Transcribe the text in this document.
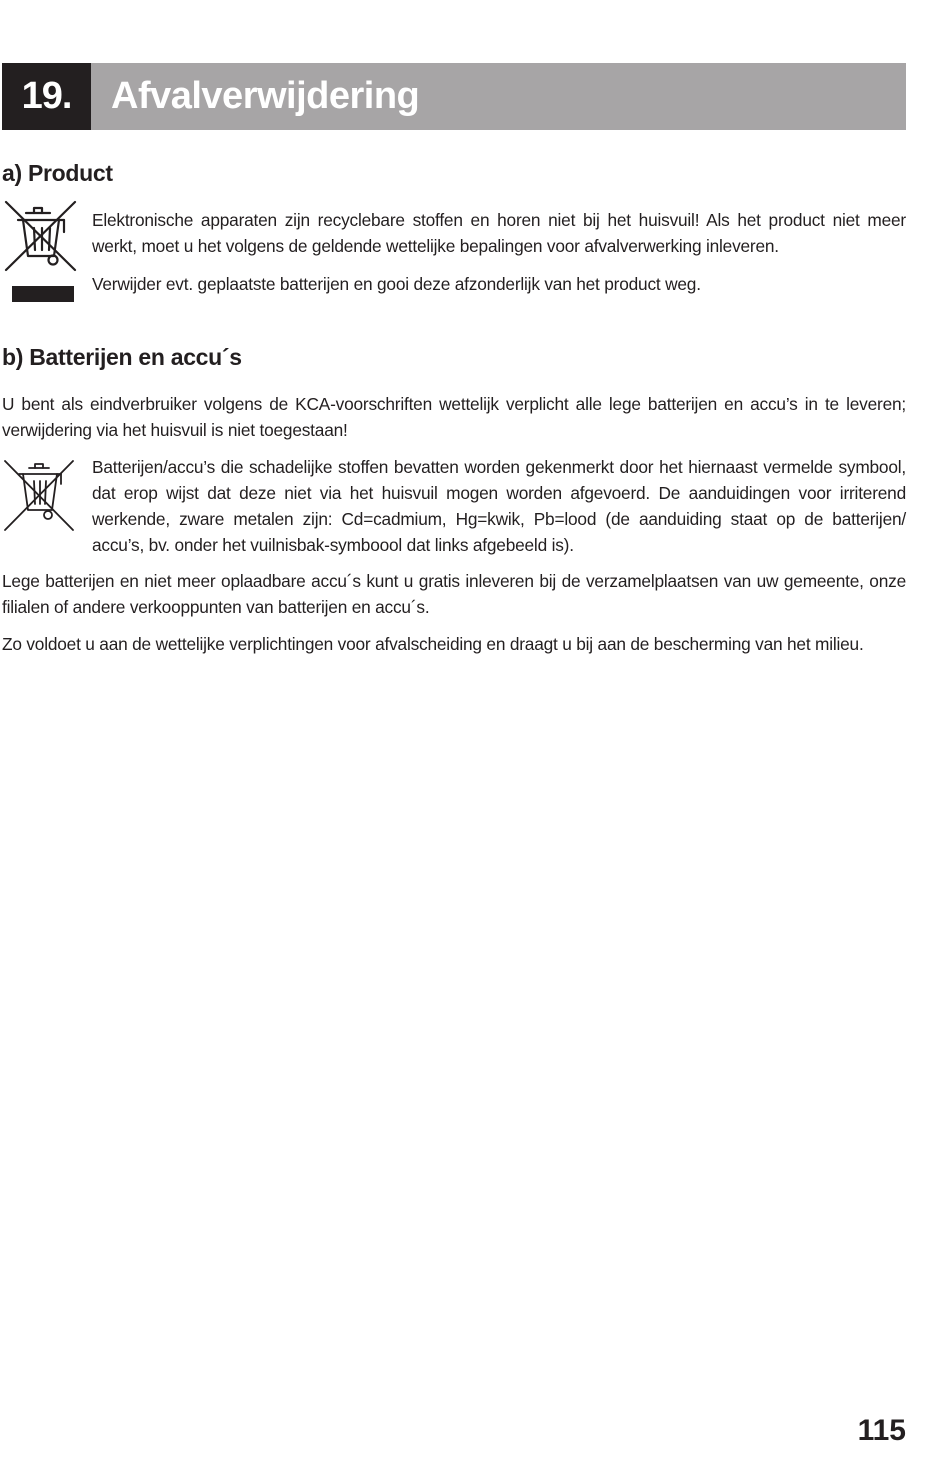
19.	Afvalverwijdering
a) Product

Elektronische apparaten zijn recyclebare stoffen en horen niet bij het huisvuil! Als het product niet meer werkt, moet u het volgens de geldende wettelijke bepalingen voor afvalverwerking inleveren.

Verwijder evt. geplaatste batterijen en gooi deze afzonderlijk van het product weg.

b) Batterijen en accu´s
U bent als eindverbruiker volgens de KCA-voorschriften wettelijk verplicht alle lege batterijen en accu’s in te leveren; verwijdering via het huisvuil is niet toegestaan!
Batterijen/accu’s die schadelijke stoffen bevatten worden gekenmerkt door het hiernaast vermelde symbool, dat erop wijst dat deze niet via het huisvuil mogen worden afgevoerd. De aanduidingen voor irriterend werkende, zware metalen zijn: Cd=cadmium, Hg=kwik, Pb=lood (de aanduiding staat op de batterijen/ accu’s, bv. onder het vuilnisbak-symboool dat links afgebeeld is).
Lege batterijen en niet meer oplaadbare accu´s kunt u gratis inleveren bij de verzamelplaatsen van uw gemeente, onze filialen of andere verkooppunten van batterijen en accu´s.
Zo voldoet u aan de wettelijke verplichtingen voor afvalscheiding en draagt u bij aan de bescherming van het milieu.
115
